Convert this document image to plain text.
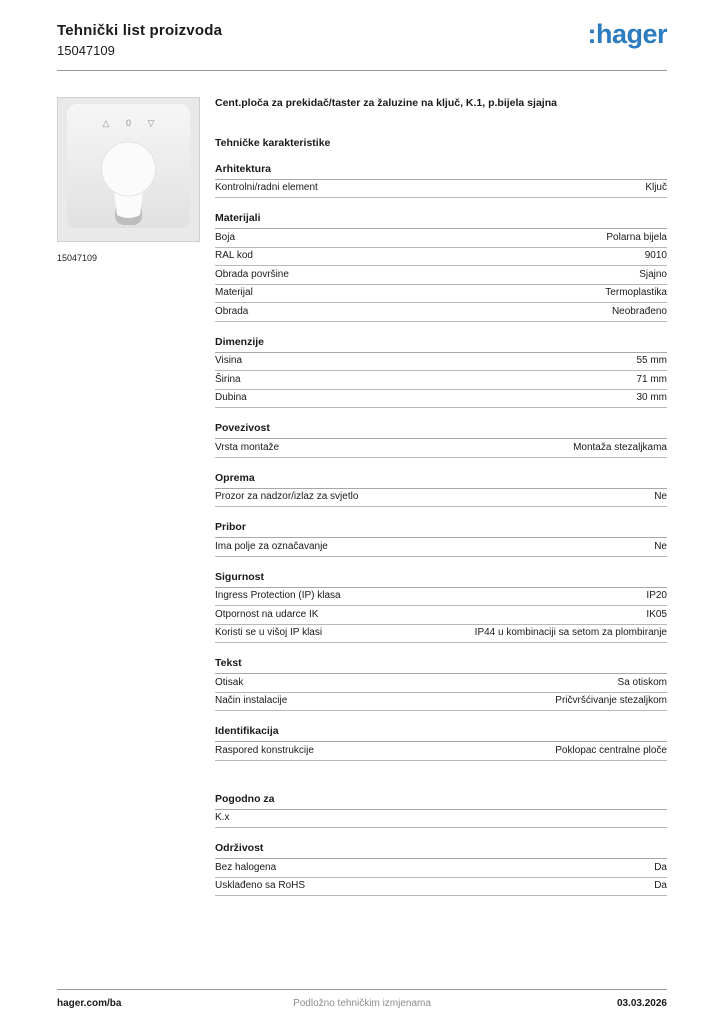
Tehnički list proizvoda
15047109
:hager
△ 0 ▽
15047109
Cent.ploča za prekidač/taster za žaluzine na ključ, K.1, p.bijela sjajna
Tehničke karakteristike
Arhitektura
Kontrolni/radni element	Ključ
Materijali
Boja	Polarna bijela
RAL kod	9010
Obrada površine	Sjajno
Materijal	Termoplastika
Obrada	Neobrađeno
Dimenzije
Visina	55 mm
Širina	71 mm
Dubina	30 mm
Povezivost
Vrsta montaže	Montaža stezaljkama
Oprema
Prozor za nadzor/izlaz za svjetlo	Ne
Pribor
Ima polje za označavanje	Ne
Sigurnost
Ingress Protection (IP) klasa	IP20
Otpornost na udarce IK	IK05
Koristi se u višoj IP klasi	IP44 u kombinaciji sa setom za plombiranje
Tekst
Otisak	Sa otiskom
Način instalacije	Pričvršćivanje stezaljkom
Identifikacija
Raspored konstrukcije	Poklopac centralne ploče
Pogodno za
K.x
Održivost
Bez halogena	Da
Usklađeno sa RoHS	Da
hager.com/ba	Podložno tehničkim izmjenama	03.03.2026
